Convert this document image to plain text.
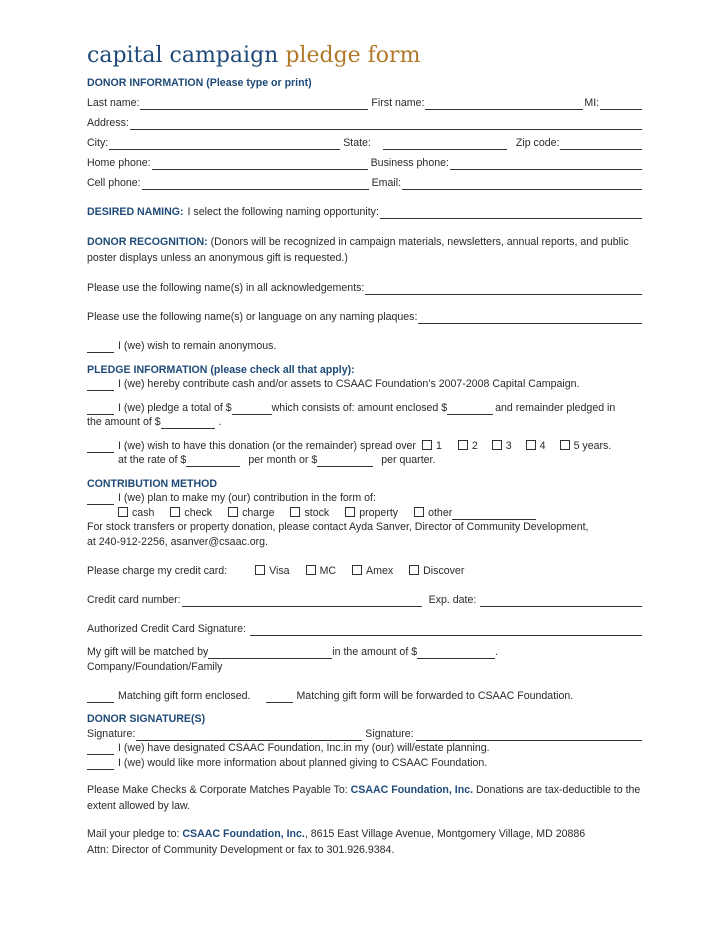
capital campaign pledge form
DONOR INFORMATION (Please type or print)
Last name:	First name:	MI:
Address:
City:	State:	Zip code:
Home phone:	Business phone:
Cell phone:	Email:
DESIRED NAMING: I select the following naming opportunity:
DONOR RECOGNITION: (Donors will be recognized in campaign materials, newsletters, annual reports, and public poster displays unless an anonymous gift is requested.)
Please use the following name(s) in all acknowledgements:
Please use the following name(s) or language on any naming plaques:
I (we) wish to remain anonymous.
PLEDGE INFORMATION (please check all that apply):
I (we) hereby contribute cash and/or assets to CSAAC Foundation’s 2007-2008 Capital Campaign.
I (we) pledge a total of $	which consists of: amount enclosed $	and remainder pledged in
the amount of $	.
I (we) wish to have this donation (or the remainder) spread over	1	2	3	4	5 years.
at the rate of $	per month or $	per quarter.
CONTRIBUTION METHOD
I (we) plan to make my (our) contribution in the form of:
cash	check	charge	stock	property	other
For stock transfers or property donation, please contact Ayda Sanver, Director of Community Development,
at 240-912-2256, asanver@csaac.org.
Please charge my credit card:	Visa	MC	Amex	Discover
Credit card number:	Exp. date:
Authorized Credit Card Signature:
My gift will be matched by	in the amount of $	.
Company/Foundation/Family
Matching gift form enclosed.	Matching gift form will be forwarded to CSAAC Foundation.
DONOR SIGNATURE(S)
Signature:	Signature:
I (we) have designated CSAAC Foundation, Inc.in my (our) will/estate planning.
I (we) would like more information about planned giving to CSAAC Foundation.
Please Make Checks & Corporate Matches Payable To: CSAAC Foundation, Inc. Donations are tax-deductible to the extent allowed by law.
Mail your pledge to: CSAAC Foundation, Inc., 8615 East Village Avenue, Montgomery Village, MD 20886
Attn: Director of Community Development or fax to 301.926.9384.
